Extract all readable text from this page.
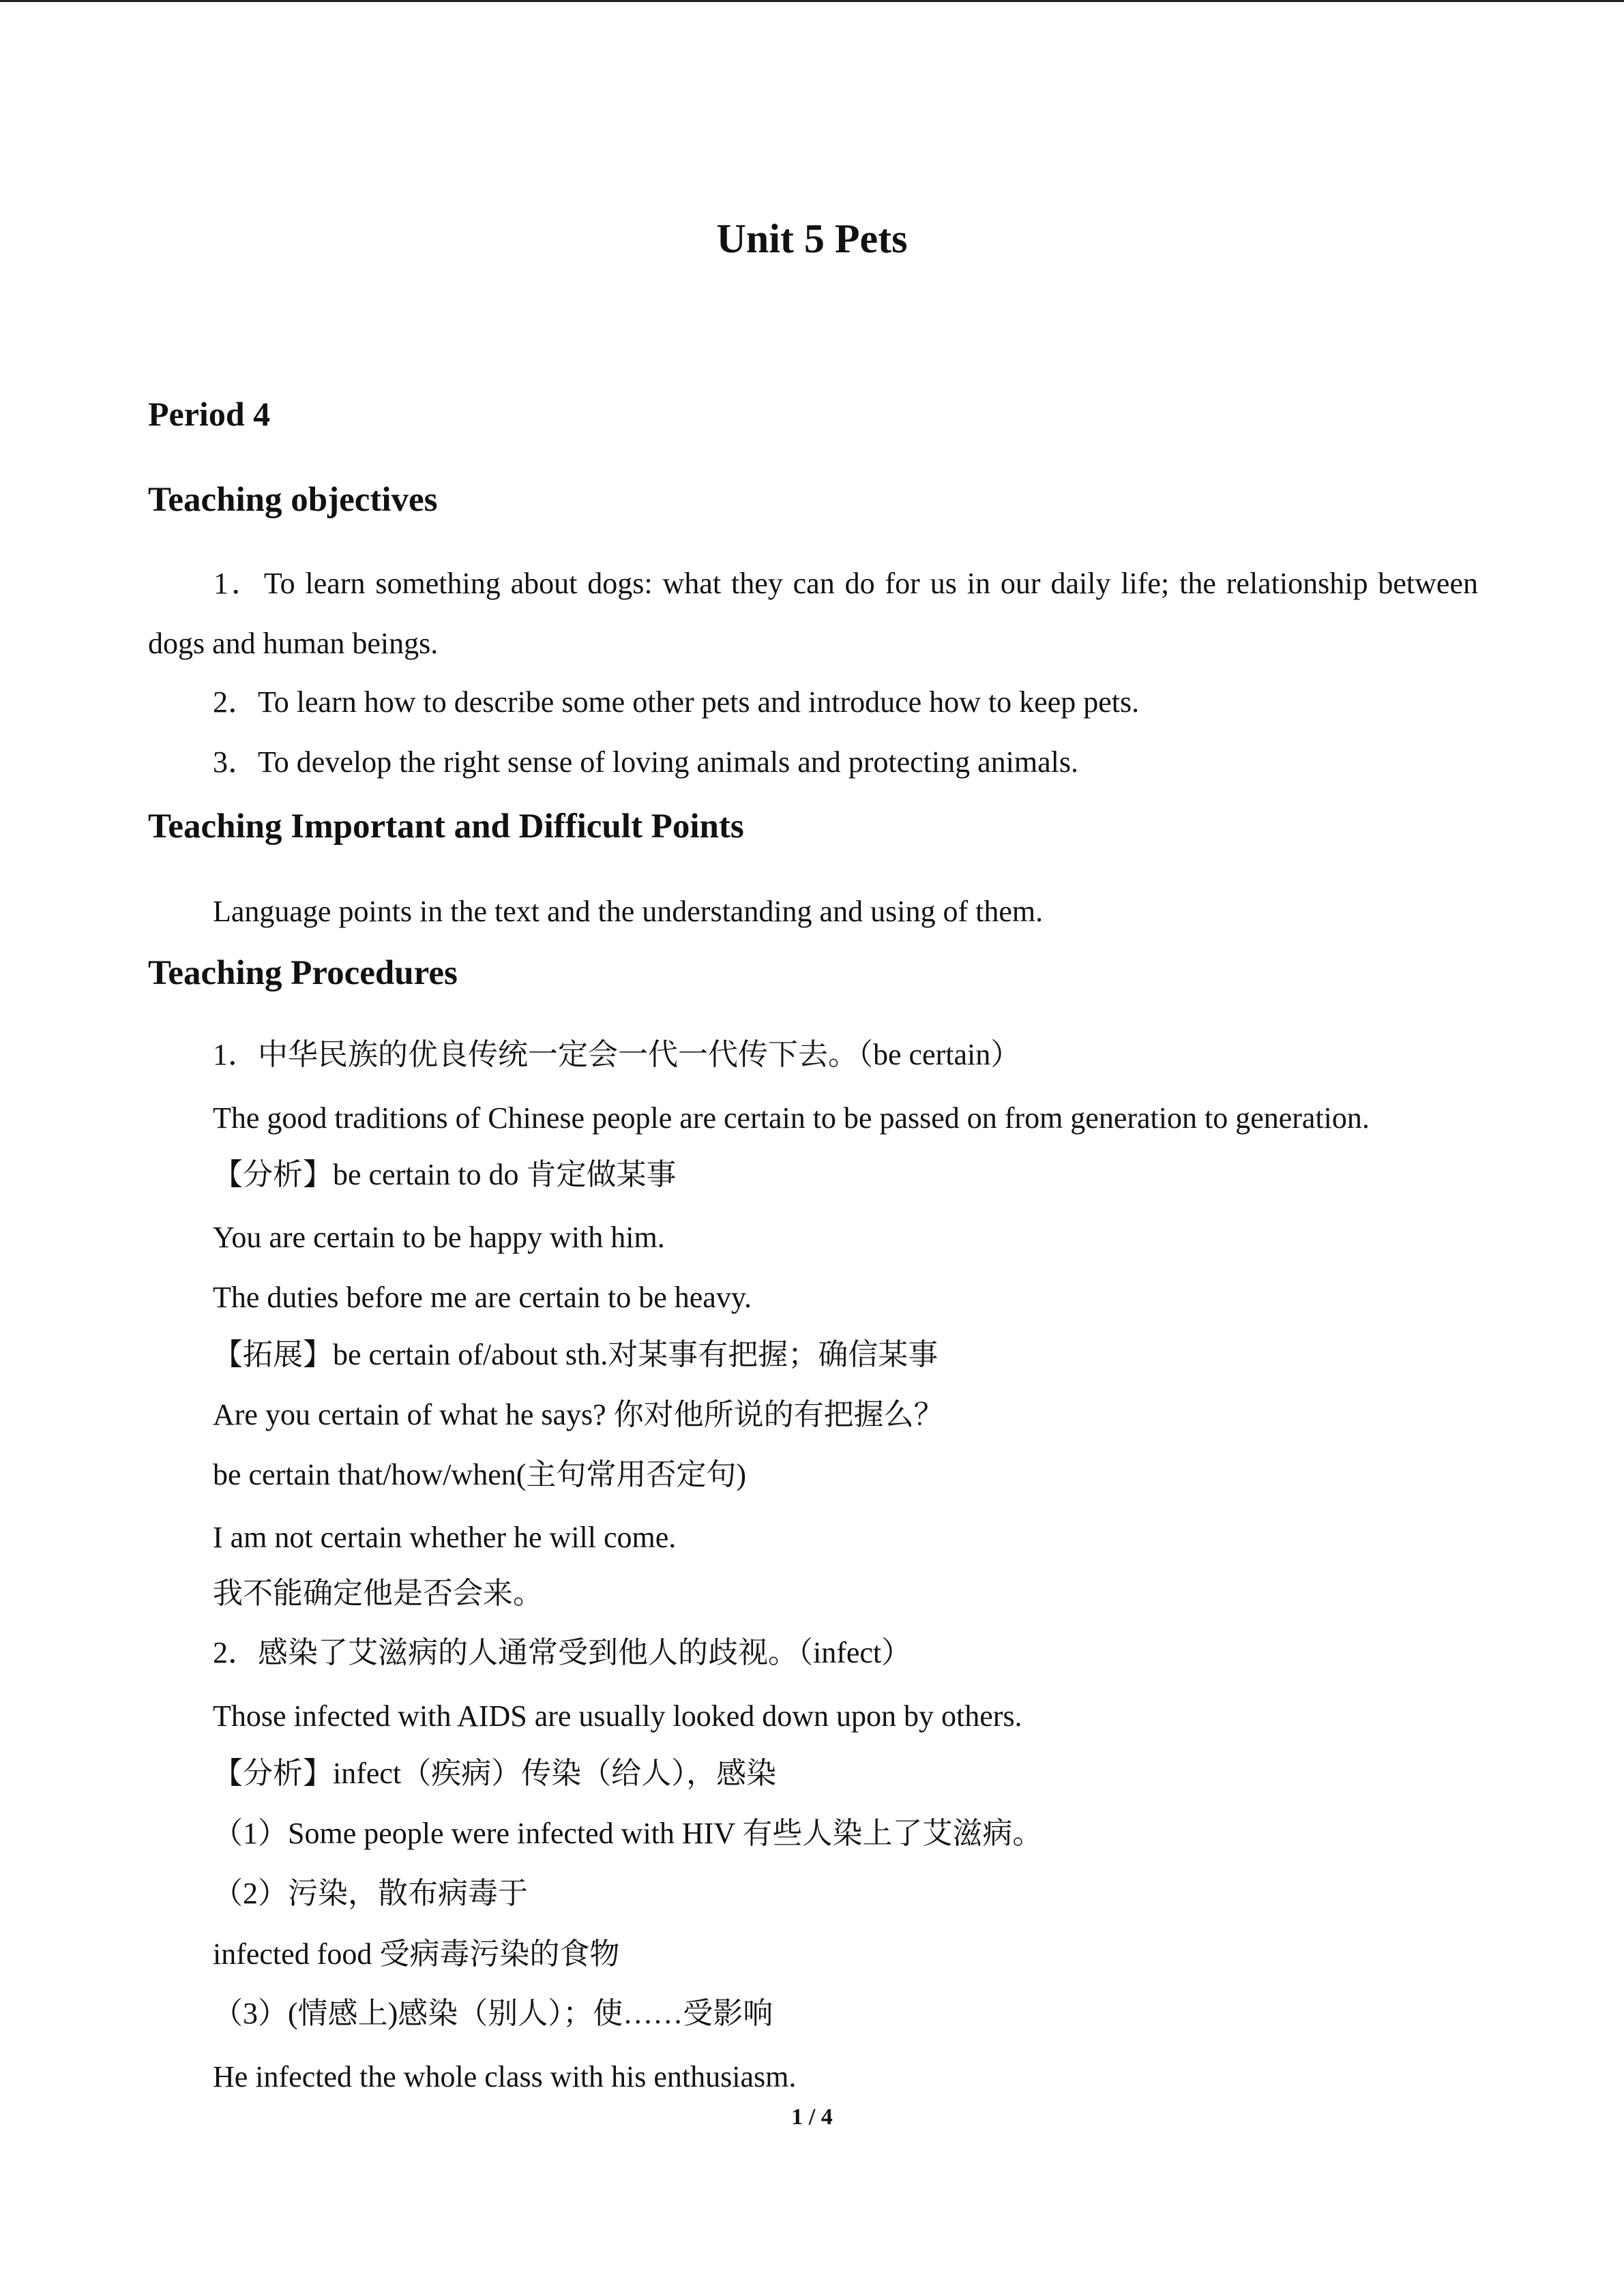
Unit 5 Pets
Period 4
Teaching objectives
1．To learn something about dogs: what they can do for us in our daily life; the relationship between dogs and human beings.
2．To learn how to describe some other pets and introduce how to keep pets.
3．To develop the right sense of loving animals and protecting animals.
Teaching Important and Difficult Points
Language points in the text and the understanding and using of them.
Teaching Procedures
1．中华民族的优良传统一定会一代一代传下去。（be certain）
The good traditions of Chinese people are certain to be passed on from generation to generation.
【分析】be certain to do 肯定做某事
You are certain to be happy with him.
The duties before me are certain to be heavy.
【拓展】be certain of/about sth.对某事有把握；确信某事
Are you certain of what he says? 你对他所说的有把握么？
be certain that/how/when(主句常用否定句)
I am not certain whether he will come.
我不能确定他是否会来。
2．感染了艾滋病的人通常受到他人的歧视。（infect）
Those infected with AIDS are usually looked down upon by others.
【分析】infect（疾病）传染（给人），感染
（1）Some people were infected with HIV 有些人染上了艾滋病。
（2）污染，散布病毒于
infected food 受病毒污染的食物
（3）(情感上)感染（别人）；使……受影响
He infected the whole class with his enthusiasm.
1 / 4
